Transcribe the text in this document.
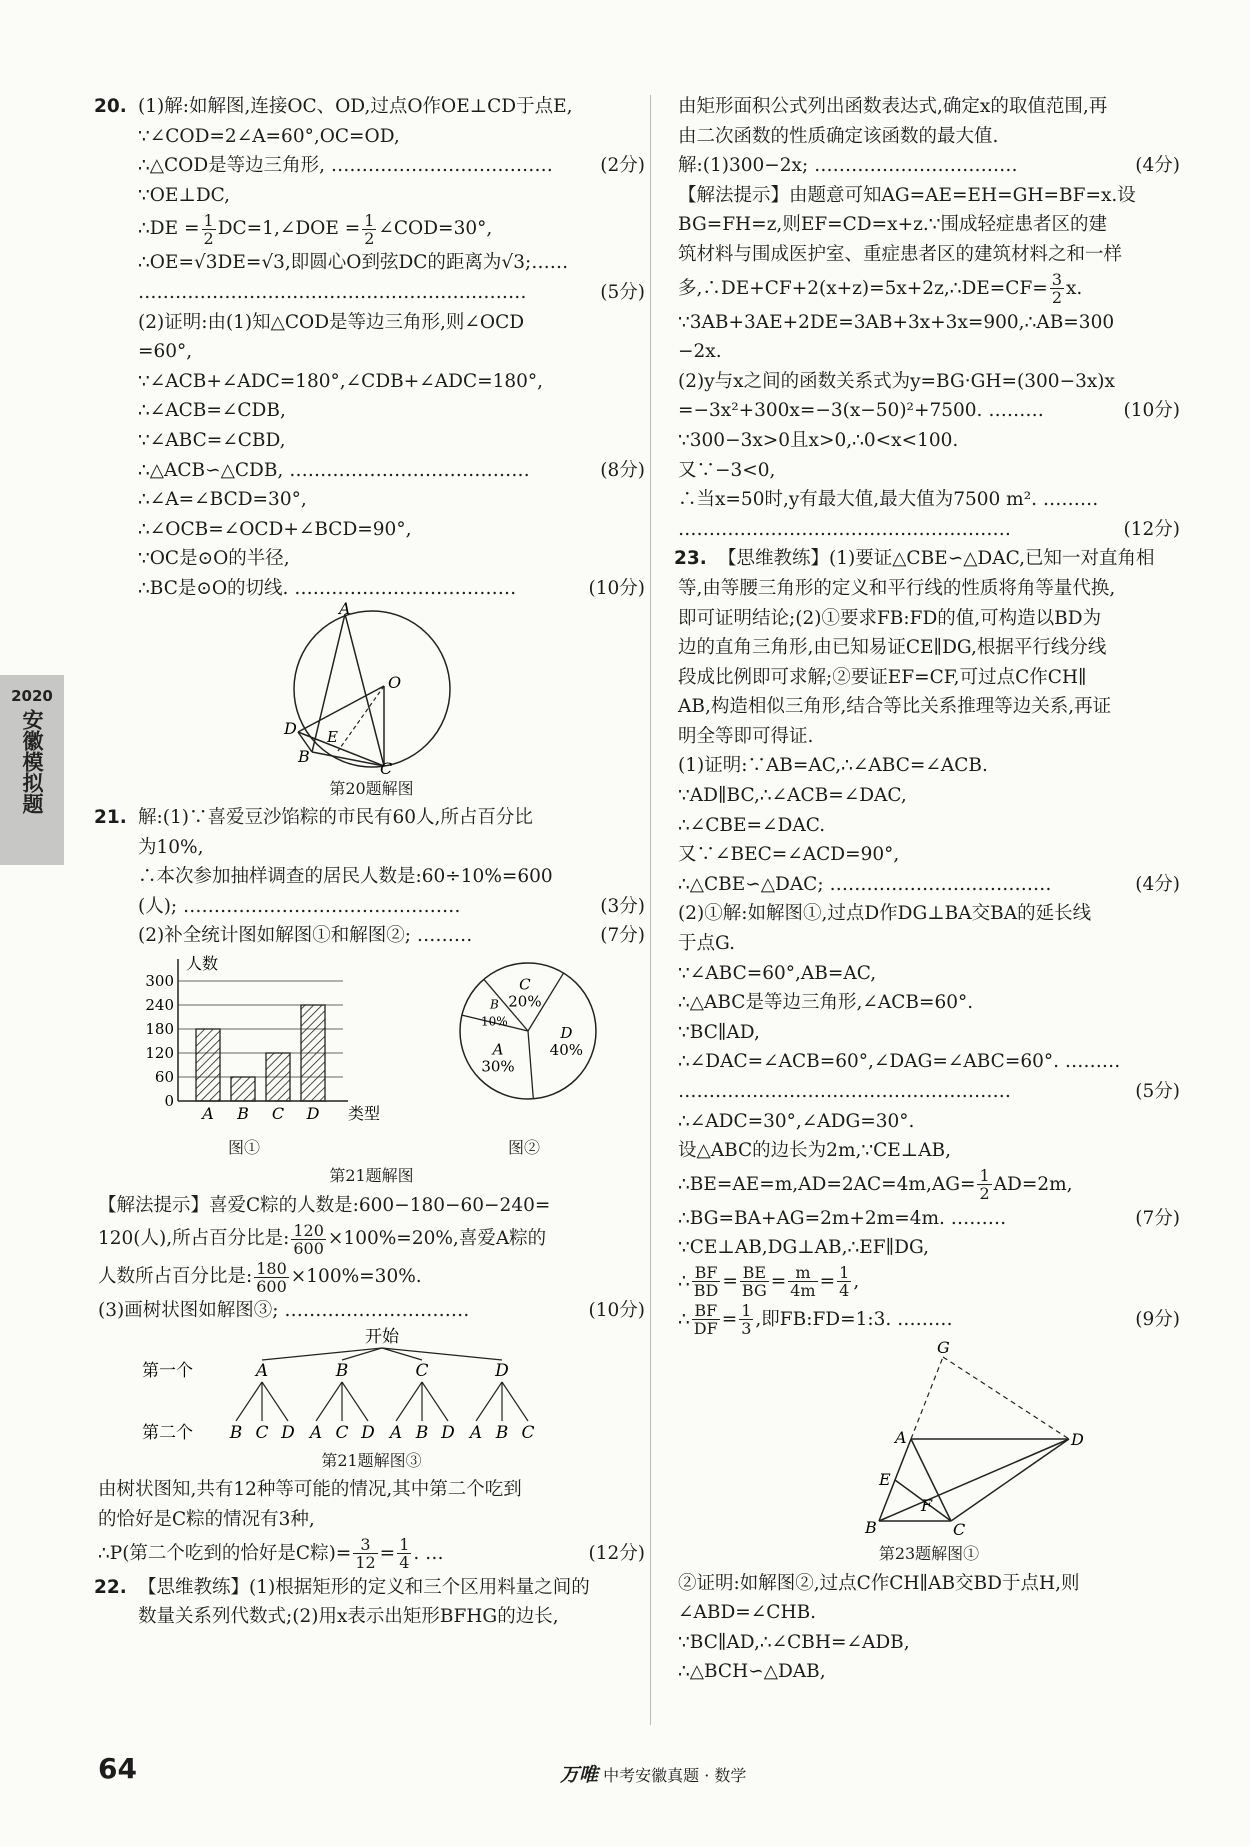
2020
安徽模拟题
20. (1)解:如解图,连接OC、OD,过点O作OE⊥CD于点E,
∵∠COD=2∠A=60°,OC=OD,
∴△COD是等边三角形, ………………………………	(2分)
∵OE⊥DC,
∴DE = $\frac{1}{2}$ DC=1,∠DOE = $\frac{1}{2}$ ∠COD=30°,
∴OE=√3DE=√3,即圆心O到弦DC的距离为√3;……
………………………………………………………	(5分)
(2)证明:由(1)知△COD是等边三角形,则∠OCD
=60°,
∵∠ACB+∠ADC=180°,∠CDB+∠ADC=180°,
∴∠ACB=∠CDB,
∵∠ABC=∠CBD,
∴△ACB∽△CDB, …………………………………	(8分)
∴∠A=∠BCD=30°,
∴∠OCB=∠OCD+∠BCD=90°,
∵OC是⊙O的半径,
∴BC是⊙O的切线. ………………………………	(10分)
A
O
D E
B
C
第20题解图
21. 解:(1)∵喜爱豆沙馅粽的市民有60人,所占百分比
为10%,
∴本次参加抽样调查的居民人数是:60÷10%=600
(人); ………………………………………	(3分)
(2)补全统计图如解图①和解图②; ………	(7分)
人数
0
60
120
180
240
300
A B C D 类型
D
40%
A
30%
B
10%
C
20%
图①	图②
第21题解图
【解法提示】喜爱C粽的人数是:600−180−60−240=
120(人),所占百分比是: $\frac{120}{600} \times 100\%=20\%$,喜爱A粽的
人数所占百分比是: $\frac{180}{600} \times 100\%=30\%$.
(3)画树状图如解图③; …………………………	(10分)
开始
第一个
第二个
A
B C D
B
A C D
C
A B D
D
A B C
第21题解图③
由树状图知,共有12种等可能的情况,其中第二个吃到
的恰好是C粽的情况有3种,
∴P(第二个吃到的恰好是C粽)= $\frac{3}{12} = \frac{1}{4}$ . …	(12分)
22. 【思维教练】(1)根据矩形的定义和三个区用料量之间的
数量关系列代数式;(2)用x表示出矩形BFHG的边长,
由矩形面积公式列出函数表达式,确定x的取值范围,再
由二次函数的性质确定该函数的最大值.
解:(1)300−2x; ……………………………	(4分)
【解法提示】由题意可知AG=AE=EH=GH=BF=x.设
BG=FH=z,则EF=CD=x+z.∵围成轻症患者区的建
筑材料与围成医护室、重症患者区的建筑材料之和一样
多,∴DE+CF+2(x+z)=5x+2z,∴DE=CF= $\frac{3}{2} x$.
∵3AB+3AE+2DE=3AB+3x+3x=900,∴AB=300
−2x.
(2)y与x之间的函数关系式为y=BG·GH=(300−3x)x
=−3x²+300x=−3(x−50)²+7500. ………	(10分)
∵300−3x>0且x>0,∴0<x<100.
又∵−3<0,
∴当x=50时,y有最大值,最大值为7500 m². ………
………………………………………………	(12分)
23. 【思维教练】(1)要证△CBE∽△DAC,已知一对直角相
等,由等腰三角形的定义和平行线的性质将角等量代换,
即可证明结论;(2)①要求FB:FD的值,可构造以BD为
边的直角三角形,由已知易证CE∥DG,根据平行线分线
段成比例即可求解;②要证EF=CF,可过点C作CH∥
AB,构造相似三角形,结合等比关系推理等边关系,再证
明全等即可得证.
(1)证明:∵AB=AC,∴∠ABC=∠ACB.
∵AD∥BC,∴∠ACB=∠DAC,
∴∠CBE=∠DAC.
又∵∠BEC=∠ACD=90°,
∴△CBE∽△DAC; ………………………………	(4分)
(2)①解:如解图①,过点D作DG⊥BA交BA的延长线
于点G.
∵∠ABC=60°,AB=AC,
∴△ABC是等边三角形,∠ACB=60°.
∵BC∥AD,
∴∠DAC=∠ACB=60°,∠DAG=∠ABC=60°. ………
………………………………………………	(5分)
∴∠ADC=30°,∠ADG=30°.
设△ABC的边长为2m,∵CE⊥AB,
∴BE=AE=m,AD=2AC=4m,AG= $\frac{1}{2} AD=2m$,
∴BG=BA+AG=2m+2m=4m. ………	(7分)
∵CE⊥AB,DG⊥AB,∴EF∥DG,
∴ $\frac{BF}{BD} = \frac{BE}{BG} = \frac{m}{4m} = \frac{1}{4}$ ,
∴ $\frac{BF}{DF} = \frac{1}{3}$ ,即FB:FD=1:3. ………	(9分)
G
A	D
E
F
B	C
第23题解图①
②证明:如解图②,过点C作CH∥AB交BD于点H,则
∠ABD=∠CHB.
∵BC∥AD,∴∠CBH=∠ADB,
∴△BCH∽△DAB,
64	万唯 中考安徽真题 · 数学
